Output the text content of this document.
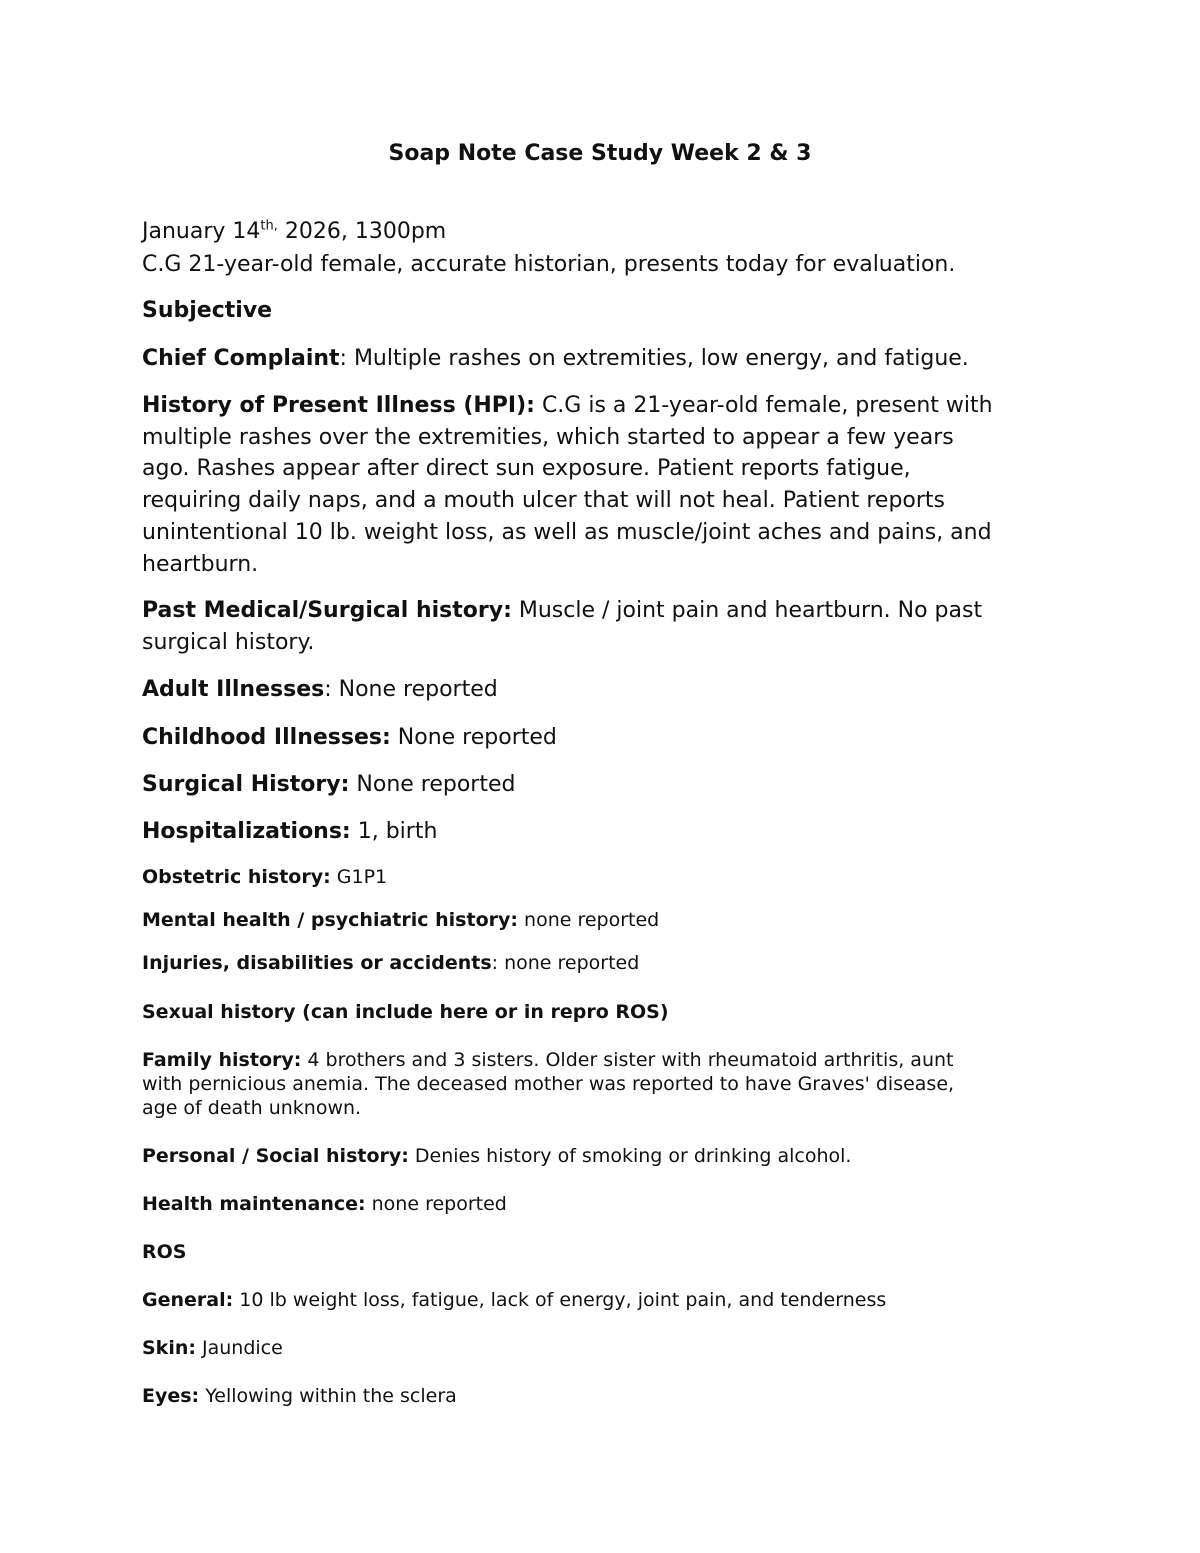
Soap Note Case Study Week 2 & 3

January $14^{th,}$ 2026, 1300pm

C.G 21-year-old female, accurate historian, presents today for evaluation.

Subjective

Chief Complaint: Multiple rashes on extremities, low energy, and fatigue.

History of Present Illness (HPI): C.G is a 21-year-old female, present with

multiple rashes over the extremities, which started to appear a few years

ago. Rashes appear after direct sun exposure. Patient reports fatigue,

requiring daily naps, and a mouth ulcer that will not heal. Patient reports

unintentional 10 lb. weight loss, as well as muscle/joint aches and pains, and

heartburn.

Past Medical/Surgical history: Muscle / joint pain and heartburn. No past

surgical history.

Adult Illnesses: None reported

Childhood Illnesses: None reported

Surgical History: None reported

Hospitalizations: 1, birth

Obstetric history: G1P1

Mental health / psychiatric history: none reported

Injuries, disabilities or accidents: none reported

Sexual history (can include here or in repro ROS)

Family history: 4 brothers and 3 sisters. Older sister with rheumatoid arthritis, aunt

with pernicious anemia. The deceased mother was reported to have Graves' disease,

age of death unknown.

Personal / Social history: Denies history of smoking or drinking alcohol.

Health maintenance: none reported

ROS

General: 10 lb weight loss, fatigue, lack of energy, joint pain, and tenderness

Skin: Jaundice

Eyes: Yellowing within the sclera
